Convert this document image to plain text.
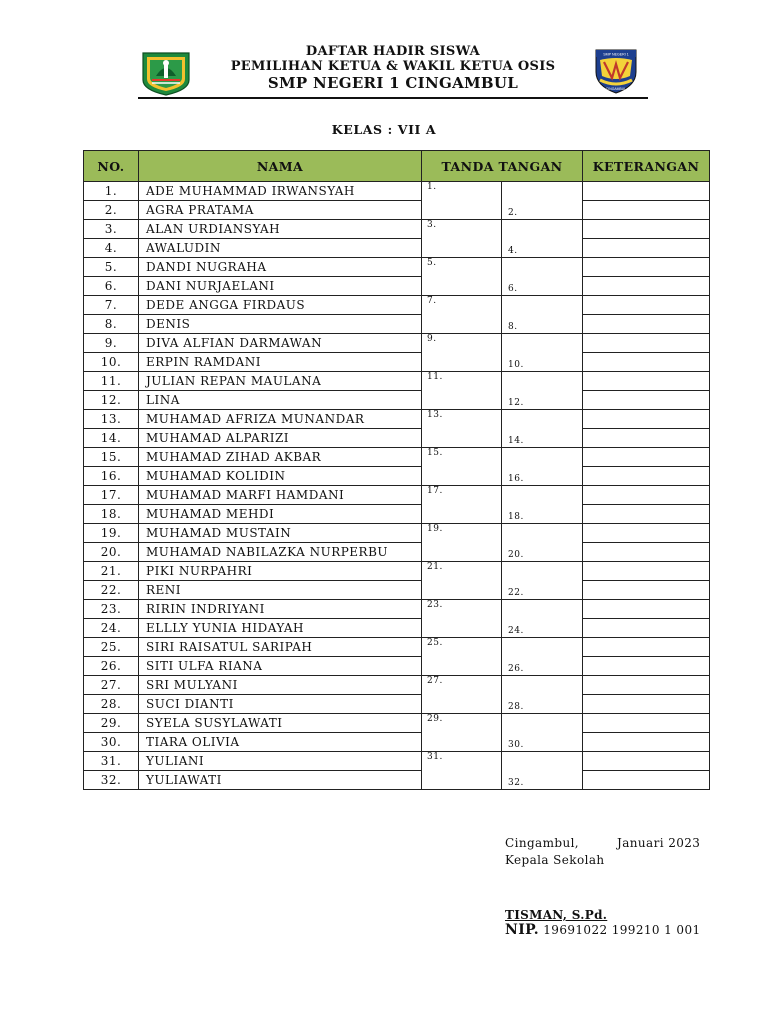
DAFTAR HADIR SISWA
PEMILIHAN KETUA & WAKIL KETUA OSIS
SMP NEGERI 1 CINGAMBUL
SMP NEGERI 1
CINGAMBUL
KELAS : VII A
NO.	NAMA	TANDA TANGAN		KETERANGAN
1.	ADE MUHAMMAD IRWANSYAH	1.	2.	
2.	AGRA PRATAMA			
3.	ALAN URDIANSYAH	3.	4.	
4.	AWALUDIN			
5.	DANDI NUGRAHA	5.	6.	
6.	DANI NURJAELANI			
7.	DEDE ANGGA FIRDAUS	7.	8.	
8.	DENIS			
9.	DIVA ALFIAN DARMAWAN	9.	10.	
10.	ERPIN RAMDANI			
11.	JULIAN REPAN MAULANA	11.	12.	
12.	LINA			
13.	MUHAMAD AFRIZA MUNANDAR	13.	14.	
14.	MUHAMAD ALPARIZI			
15.	MUHAMAD ZIHAD AKBAR	15.	16.	
16.	MUHAMAD KOLIDIN			
17.	MUHAMAD MARFI HAMDANI	17.	18.	
18.	MUHAMAD MEHDI			
19.	MUHAMAD MUSTAIN	19.	20.	
20.	MUHAMAD NABILAZKA NURPERBU			
21.	PIKI NURPAHRI	21.	22.	
22.	RENI			
23.	RIRIN INDRIYANI	23.	24.	
24.	ELLLY YUNIA HIDAYAH			
25.	SIRI RAISATUL SARIPAH	25.	26.	
26.	SITI ULFA RIANA			
27.	SRI MULYANI	27.	28.	
28.	SUCI DIANTI			
29.	SYELA SUSYLAWATI	29.	30.	
30.	TIARA OLIVIA			
31.	YULIANI	31.	32.	
32.	YULIAWATI			
Cingambul,	Januari 2023
Kepala Sekolah
TISMAN, S.Pd.
NIP. 19691022 199210 1 001
